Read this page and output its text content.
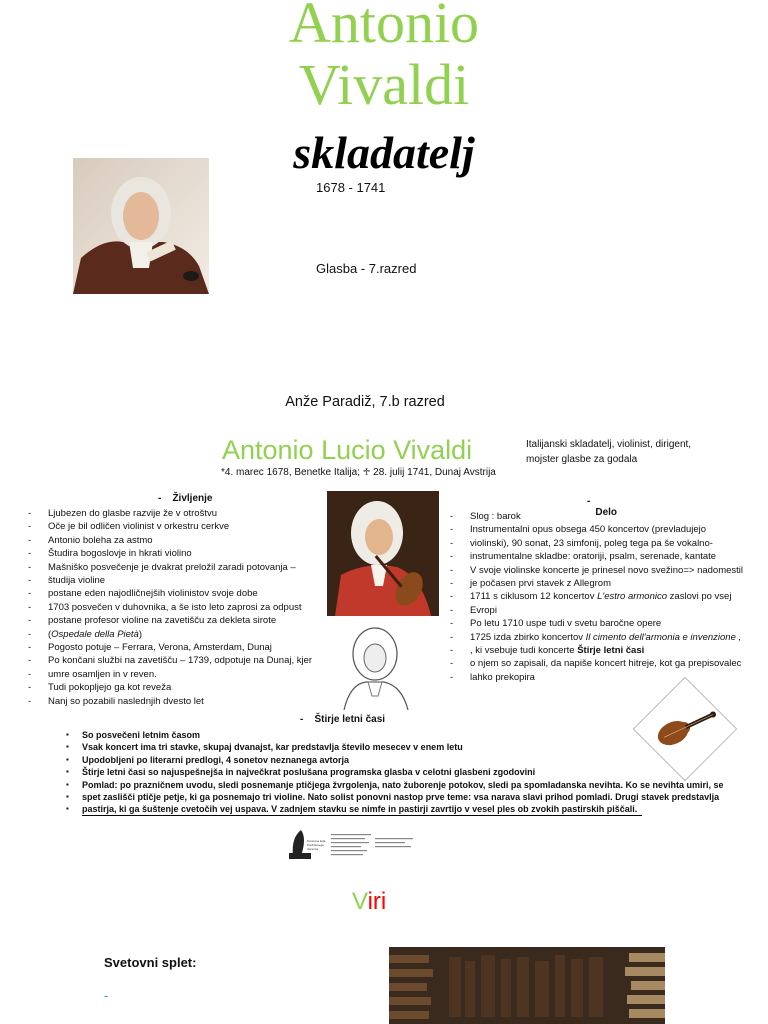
Antonio
Vivaldi
skladatelj
1678 - 1741
Glasba - 7.razred
Anže Paradiž, 7.b razred
Antonio Lucio Vivaldi
*4. marec 1678, Benetke Italija; ♱ 28. julij 1741, Dunaj Avstrija
Italijanski skladatelj, violinist, dirigent,
mojster glasbe za godala
-    Življenje
- Ljubezen do glasbe razvije že v otroštvu
- Oče je bil odličen violinist v orkestru cerkve
- Antonio boleha za astmo
- Študira bogoslovje in hkrati violino
- Mašniško posvečenje je dvakrat preložil zaradi potovanja –
- študija violine
- postane eden najodličnejših violinistov svoje dobe
- 1703 posvečen v duhovnika, a še isto leto zaprosi za odpust
- postane profesor violine na zavetišču za dekleta sirote
- (Ospedale della Pietà)
- Pogosto potuje – Ferrara, Verona, Amsterdam, Dunaj
- Po končani službi na zavetišču – 1739, odpotuje na Dunaj, kjer
- umre osamljen in v reven.
- Tudi pokopljejo ga kot reveža
- Nanj so pozabili naslednjih dvesto let
-
Delo
- Slog : barok
- Instrumentalni opus obsega 450 koncertov (prevladujejo
- violinski), 90 sonat, 23 simfonij, poleg tega pa še vokalno-
- instrumentalne skladbe: oratoriji, psalm, serenade, kantate
- V svoje violinske koncerte je prinesel novo svežino=> nadomestil
- je počasen prvi stavek z Allegrom
- 1711 s ciklusom 12 koncertov L'estro armonico zaslovi po vsej
- Evropi
- Po letu 1710 uspe tudi v svetu baročne opere
- 1725 izda zbirko koncertov Il cimento dell'armonia e invenzione ,
- , ki vsebuje tudi koncerte Štirje letni časi
- o njem so zapisali, da napiše koncert hitreje, kot ga prepisovalec
- lahko prekopira
-    Štirje letni časi
▪ So posvečeni letnim časom
▪ Vsak koncert ima tri stavke, skupaj dvanajst, kar predstavlja število mesecev v enem letu
▪ Upodobljeni po literarni predlogi, 4 sonetov neznanega avtorja
▪ Štirje letni časi so najuspešnejša in največkrat poslušana programska glasba v celotni glasbeni zgodovini
▪ Pomlad: po prazničnem uvodu, sledi posnemanje ptičjega žvrgolenja, nato žuborenje potokov, sledi pa spomladanska nevihta. Ko se nevihta umiri, se
▪ spet zaslišči ptičje petje, ki ga posnemajo tri violine. Nato solist ponovni nastop prve teme: vsa narava slavi prihod pomladi. Drugi stavek predstavlja
▪ pastirja, ki ga šuštenje cvetočih vej uspava. V zadnjem stavku se nimfe in pastirji zavrtijo v vesel ples ob zvokih pastirskih piščali.
Osnovna šola Prežihovega Voranca
Viri
Svetovni splet:
-
